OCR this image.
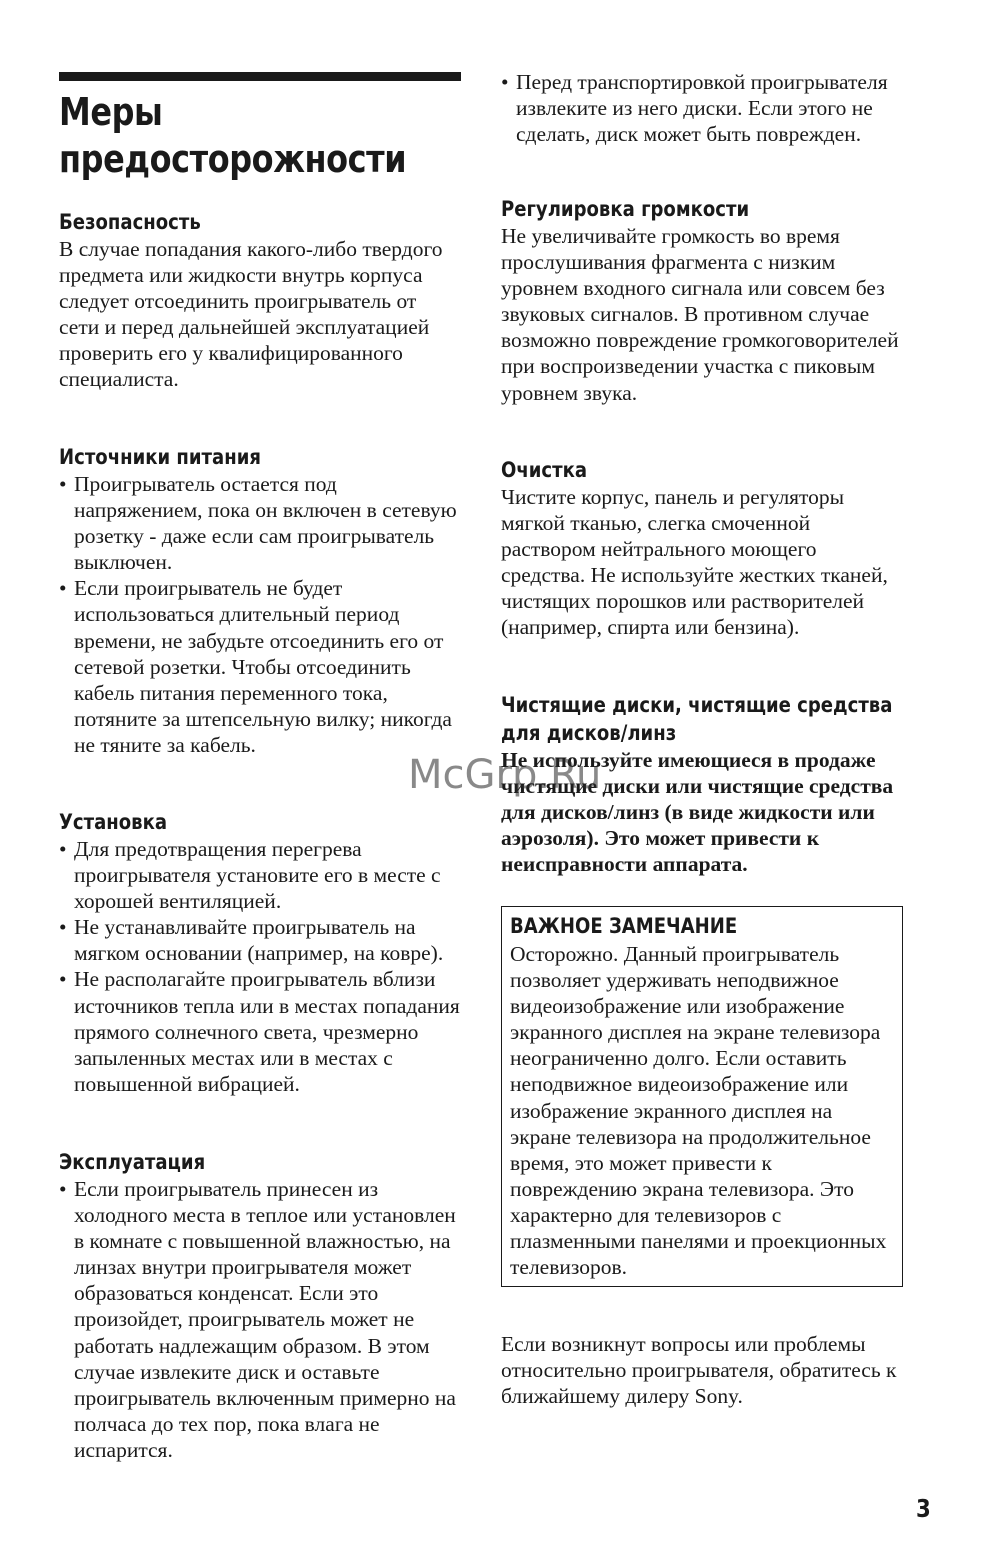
Меры
предосторожности
Безопасность

В случае попадания какого-либо твердого предмета или жидкости внутрь корпуса следует отсоединить проигрыватель от сети и перед дальнейшей эксплуатацией проверить его у квалифицированного специалиста.

Источники питания
• Проигрыватель остается под напряжением, пока он включен в сетевую розетку - даже если сам проигрыватель выключен.
• Если проигрыватель не будет использоваться длительный период времени, не забудьте отсоединить его от сетевой розетки. Чтобы отсоединить кабель питания переменного тока, потяните за штепсельную вилку; никогда не тяните за кабель.
Установка
• Для предотвращения перегрева проигрывателя установите его в месте с хорошей вентиляцией.
• Не устанавливайте проигрыватель на мягком основании (например, на ковре).
• Не располагайте проигрыватель вблизи источников тепла или в местах попадания прямого солнечного света, чрезмерно запыленных местах или в местах с повышенной вибрацией.
Эксплуатация
• Если проигрыватель принесен из холодного места в теплое или установлен в комнате с повышенной влажностью, на линзах внутри проигрывателя может образоваться конденсат. Если это произойдет, проигрыватель может не работать надлежащим образом. В этом случае извлеките диск и оставьте проигрыватель включенным примерно на полчаса до тех пор, пока влага не испарится.
• Перед транспортировкой проигрывателя извлеките из него диски. Если этого не сделать, диск может быть поврежден.
Регулировка громкости

Не увеличивайте громкость во время прослушивания фрагмента с низким уровнем входного сигнала или совсем без звуковых сигналов. В противном случае возможно повреждение громкоговорителей при воспроизведении участка с пиковым уровнем звука.

Очистка

Чистите корпус, панель и регуляторы мягкой тканью, слегка смоченной раствором нейтрального моющего средства. Не используйте жестких тканей, чистящих порошков или растворителей (например, спирта или бензина).

Чистящие диски, чистящие средства
для дисков/линз

Не используйте имеющиеся в продаже чистящие диски или чистящие средства для дисков/линз (в виде жидкости или аэрозоля). Это может привести к неисправности аппарата.

ВАЖНОЕ ЗАМЕЧАНИЕ

Осторожно. Данный проигрыватель позволяет удерживать неподвижное видеоизображение или изображение экранного дисплея на экране телевизора неограниченно долго. Если оставить неподвижное видеоизображение или изображение экранного дисплея на экране телевизора на продолжительное время, это может привести к повреждению экрана телевизора. Это характерно для телевизоров с плазменными панелями и проекционных телевизоров.

Если возникнут вопросы или проблемы относительно проигрывателя, обратитесь к ближайшему дилеру Sony.

McGrp.Ru
3
